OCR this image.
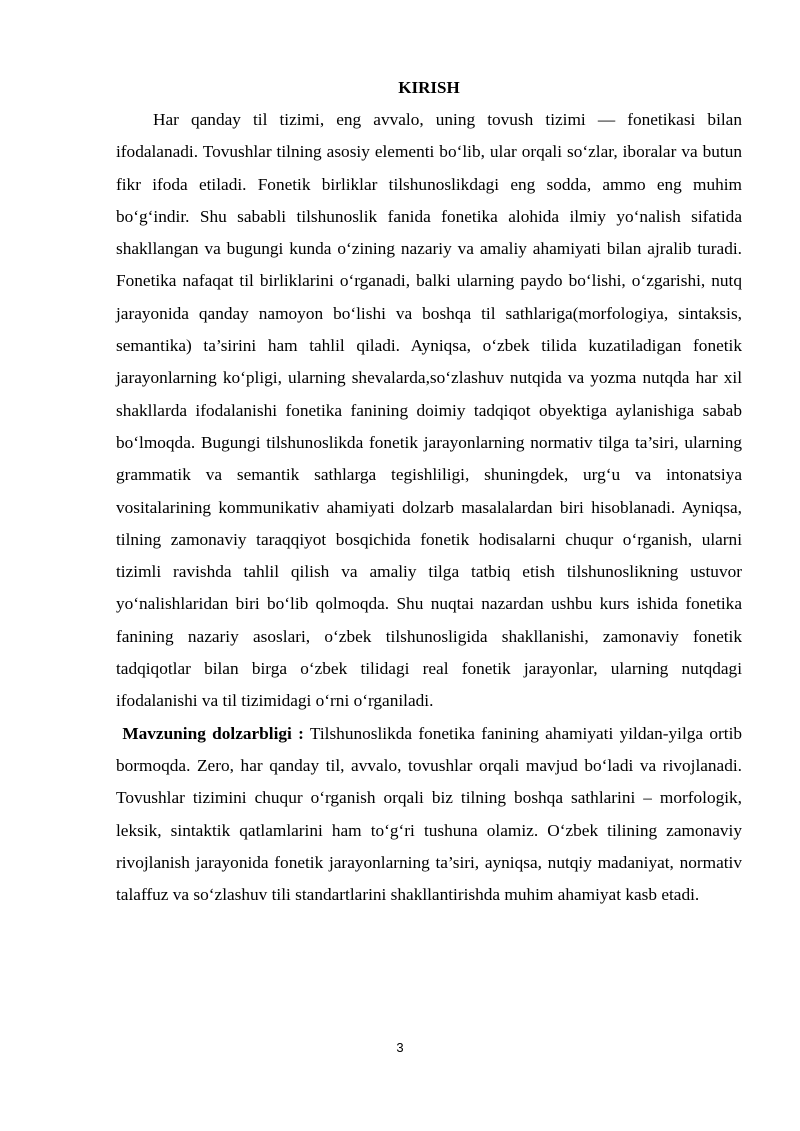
KIRISH

Har qanday til tizimi, eng avvalo, uning tovush tizimi — fonetikasi bilan ifodalanadi. Tovushlar tilning asosiy elementi bo‘lib, ular orqali so‘zlar, iboralar va butun fikr ifoda etiladi. Fonetik birliklar tilshunoslikdagi eng sodda, ammo eng muhim bo‘g‘indir. Shu sababli tilshunoslik fanida fonetika alohida ilmiy yo‘nalish sifatida shakllangan va bugungi kunda o‘zining nazariy va amaliy ahamiyati bilan ajralib turadi. Fonetika nafaqat til birliklarini o‘rganadi, balki ularning paydo bo‘lishi, o‘zgarishi, nutq jarayonida qanday namoyon bo‘lishi va boshqa til sathlariga(morfologiya, sintaksis, semantika) ta’sirini ham tahlil qiladi. Ayniqsa, o‘zbek tilida kuzatiladigan fonetik jarayonlarning ko‘pligi, ularning shevalarda,so‘zlashuv nutqida va yozma nutqda har xil shakllarda ifodalanishi fonetika fanining doimiy tadqiqot obyektiga aylanishiga sabab bo‘lmoqda. Bugungi tilshunoslikda fonetik jarayonlarning normativ tilga ta’siri, ularning grammatik va semantik sathlarga tegishliligi, shuningdek, urg‘u va intonatsiya vositalarining kommunikativ ahamiyati dolzarb masalalardan biri hisoblanadi. Ayniqsa, tilning zamonaviy taraqqiyot bosqichida fonetik hodisalarni chuqur o‘rganish, ularni tizimli ravishda tahlil qilish va amaliy tilga tatbiq etish tilshunoslikning ustuvor yo‘nalishlaridan biri bo‘lib qolmoqda. Shu nuqtai nazardan ushbu kurs ishida fonetika fanining nazariy asoslari, o‘zbek tilshunosligida shakllanishi, zamonaviy fonetik tadqiqotlar bilan birga o‘zbek tilidagi real fonetik jarayonlar, ularning nutqdagi ifodalanishi va til tizimidagi o‘rni o‘rganiladi.

Mavzuning dolzarbligi : Tilshunoslikda fonetika fanining ahamiyati yildan-yilga ortib bormoqda. Zero, har qanday til, avvalo, tovushlar orqali mavjud bo‘ladi va rivojlanadi. Tovushlar tizimini chuqur o‘rganish orqali biz tilning boshqa sathlarini – morfologik, leksik, sintaktik qatlamlarini ham to‘g‘ri tushuna olamiz. O‘zbek tilining zamonaviy rivojlanish jarayonida fonetik jarayonlarning ta’siri, ayniqsa, nutqiy madaniyat, normativ talaffuz va so‘zlashuv tili standartlarini shakllantirishda muhim ahamiyat kasb etadi.

3
